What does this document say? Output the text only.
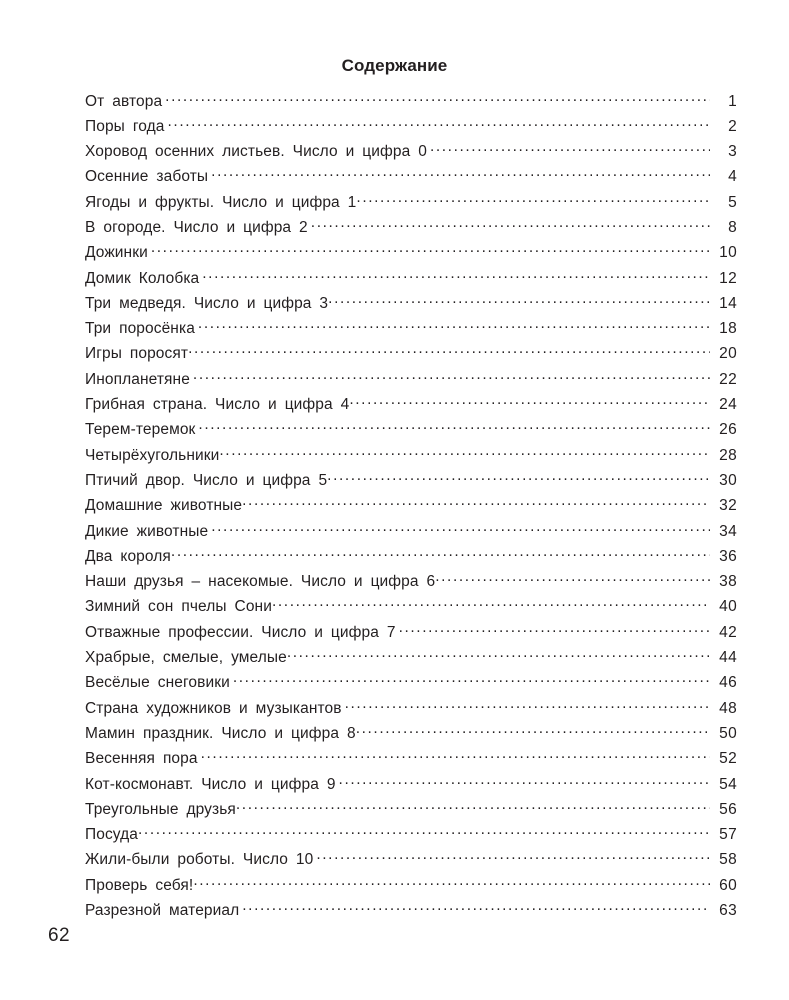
Содержание
От автора .....	1
Поры года .....	2
Хоровод осенних листьев. Число и цифра 0 .....	3
Осенние заботы .....	4
Ягоды и фрукты. Число и цифра 1 .....	5
В огороде. Число и цифра 2 .....	8
Дожинки .....	10
Домик Колобка .....	12
Три медведя. Число и цифра 3 .....	14
Три поросёнка .....	18
Игры поросят .....	20
Инопланетяне .....	22
Грибная страна. Число и цифра 4 .....	24
Терем-теремок .....	26
Четырёхугольники .....	28
Птичий двор. Число и цифра 5 .....	30
Домашние животные .....	32
Дикие животные .....	34
Два короля .....	36
Наши друзья – насекомые. Число и цифра 6 .....	38
Зимний сон пчелы Сони .....	40
Отважные профессии. Число и цифра 7 .....	42
Храбрые, смелые, умелые .....	44
Весёлые снеговики .....	46
Страна художников и музыкантов .....	48
Мамин праздник. Число и цифра 8 .....	50
Весенняя пора .....	52
Кот-космонавт. Число и цифра 9 .....	54
Треугольные друзья .....	56
Посуда .....	57
Жили-были роботы. Число 10 .....	58
Проверь себя! .....	60
Разрезной материал .....	63
62
